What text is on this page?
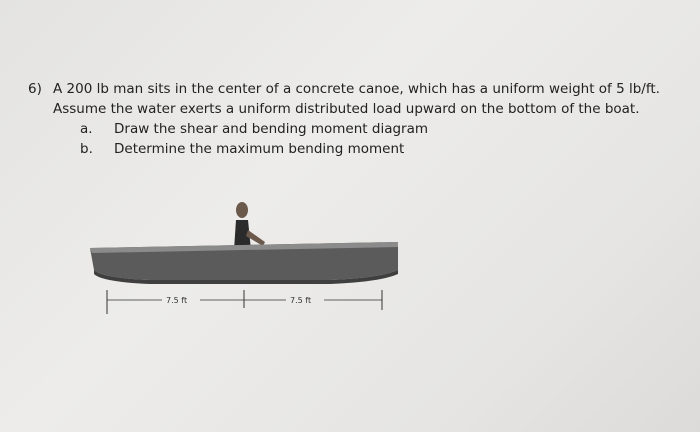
6) A 200 lb man sits in the center of a concrete canoe, which has a uniform weight of 5 lb/ft.
Assume the water exerts a uniform distributed load upward on the bottom of the boat.
a. Draw the shear and bending moment diagram
b. Determine the maximum bending moment
7.5 ft	7.5 ft
